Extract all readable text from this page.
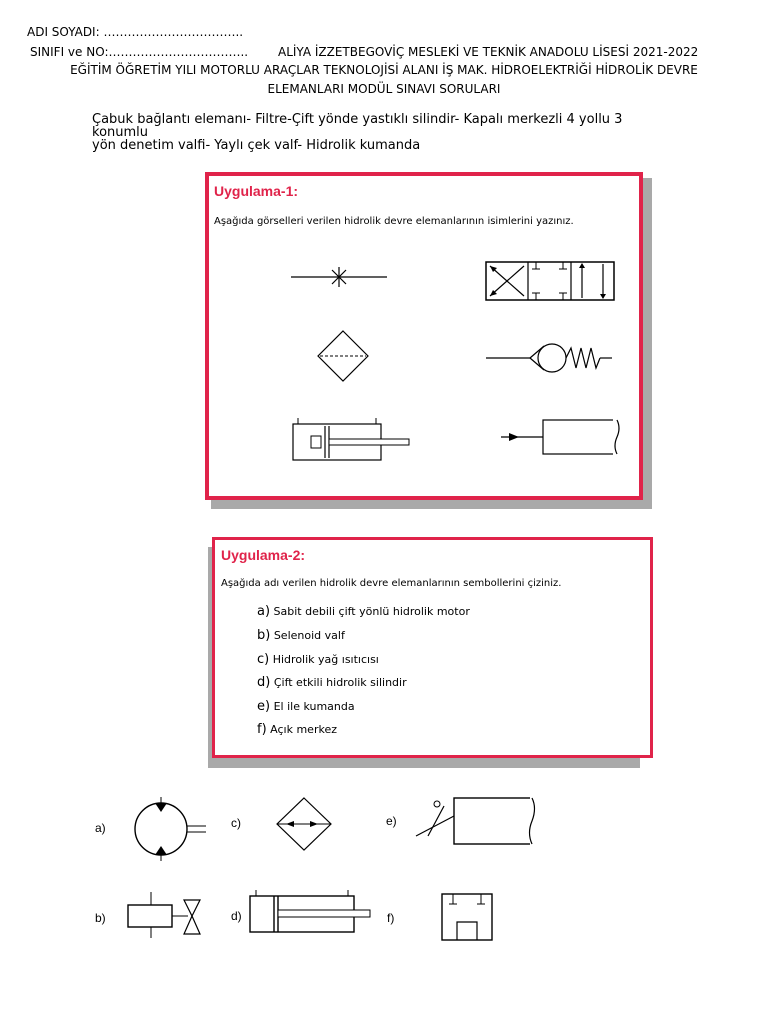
ADI SOYADI: ……………………………..
SINIFI ve NO:…………………………….. ALİYA İZZETBEGOVİÇ MESLEKİ VE TEKNİK ANADOLU LİSESİ 2021-2022
EĞİTİM ÖĞRETİM YILI MOTORLU ARAÇLAR TEKNOLOJİSİ ALANI İŞ MAK. HİDROELEKTRİĞİ HİDROLİK DEVRE
ELEMANLARI MODÜL SINAVI SORULARI
Çabuk bağlantı elemanı- Filtre-Çift yönde yastıklı silindir- Kapalı merkezli 4 yollu 3
konumlu
yön denetim valfi- Yaylı çek valf- Hidrolik kumanda
Uygulama-1:
Aşağıda görselleri verilen hidrolik devre elemanlarının isimlerini yazınız.
Uygulama-2:
Aşağıda adı verilen hidrolik devre elemanlarının sembollerini çiziniz.
a) Sabit debili çift yönlü hidrolik motor
b) Selenoid valf
c) Hidrolik yağ ısıtıcısı
d) Çift etkili hidrolik silindir
e) El ile kumanda
f) Açık merkez
a)
b)
c)
d)
e)
f)
